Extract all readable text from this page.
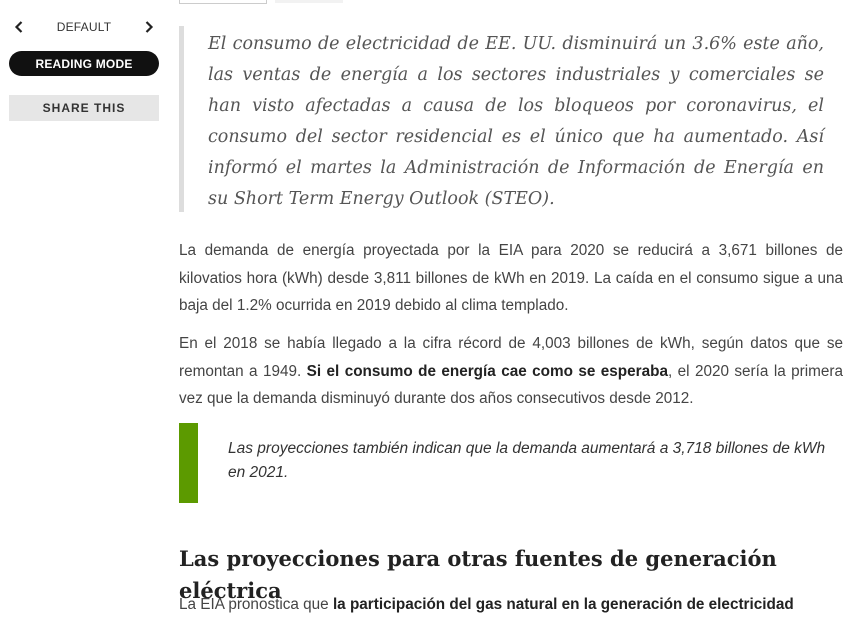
DEFAULT
READING MODE
SHARE THIS

El consumo de electricidad de EE. UU. disminuirá un 3.6% este año, las ventas de energía a los sectores industriales y comerciales se han visto afectadas a causa de los bloqueos por coronavirus, el consumo del sector residencial es el único que ha aumentado. Así informó el martes la Administración de Información de Energía en su Short Term Energy Outlook (STEO).

La demanda de energía proyectada por la EIA para 2020 se reducirá a 3,671 billones de kilovatios hora (kWh) desde 3,811 billones de kWh en 2019. La caída en el consumo sigue a una baja del 1.2% ocurrida en 2019 debido al clima templado.

En el 2018 se había llegado a la cifra récord de 4,003 billones de kWh, según datos que se remontan a 1949. Si el consumo de energía cae como se esperaba, el 2020 sería la primera vez que la demanda disminuyó durante dos años consecutivos desde 2012.

Las proyecciones también indican que la demanda aumentará a 3,718 billones de kWh en 2021.

Las proyecciones para otras fuentes de generación eléctrica

La EIA pronostica que la participación del gas natural en la generación de electricidad
